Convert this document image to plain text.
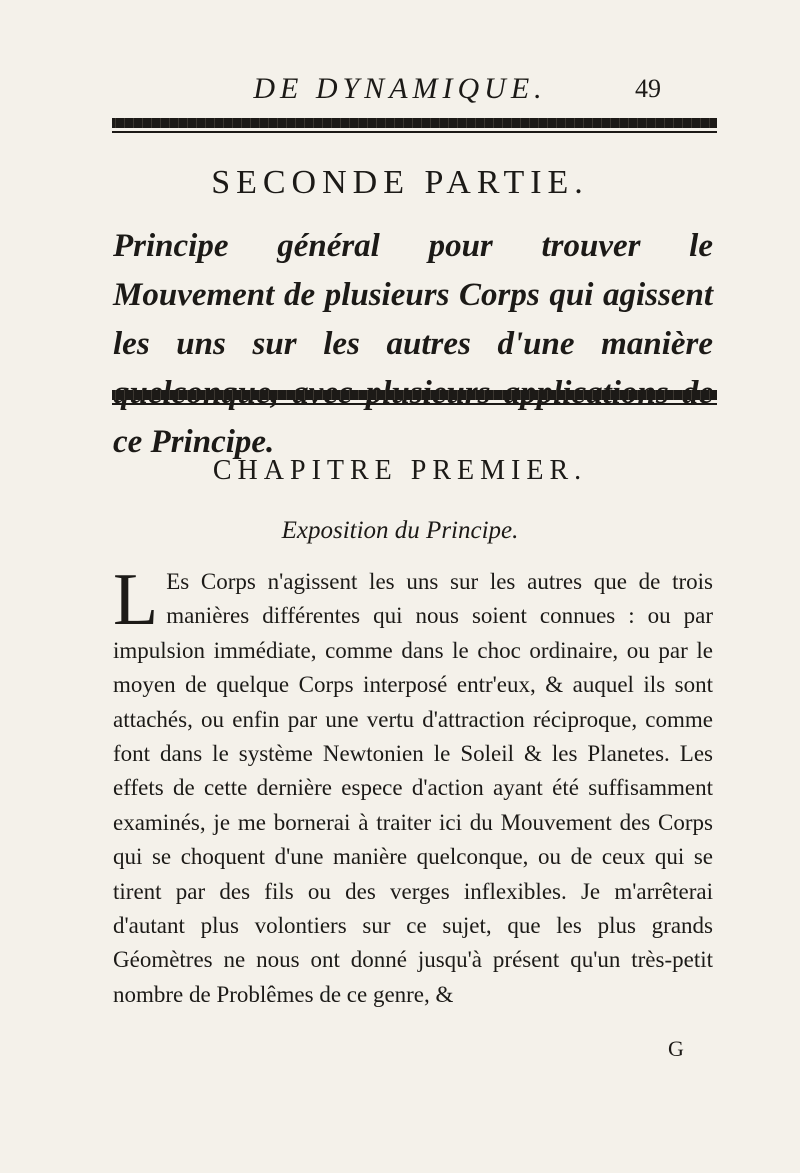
DE DYNAMIQUE.	49
SECONDE PARTIE.
Principe général pour trouver le Mouvement de plusieurs Corps qui agissent les uns sur les autres d'une manière ce Principe.
CHAPITRE PREMIER.
Exposition du Principe.
L Es Corps n'agissent les uns sur les autres que de trois manières différentes qui nous soient connues : ou par impulsion immédiate, comme dans le choc ordinaire, ou par le moyen de quelque Corps interposé entr'eux, & auquel ils sont attachés, ou enfin par une vertu d'attraction réciproque, comme font dans le système Newtonien le Soleil & les Planetes. Les effets de cette dernière espece d'action ayant été suffisamment examinés, je me bornerai à traiter ici du Mouvement des Corps qui se choquent d'une manière quelconque, ou de ceux qui se tirent par des fils ou des verges inflexibles. Je m'arrêterai d'autant plus volontiers sur ce sujet, que les plus grands Géomètres ne nous ont donné jusqu'à présent qu'un très-petit nombre de Problêmes de ce genre, &
G
